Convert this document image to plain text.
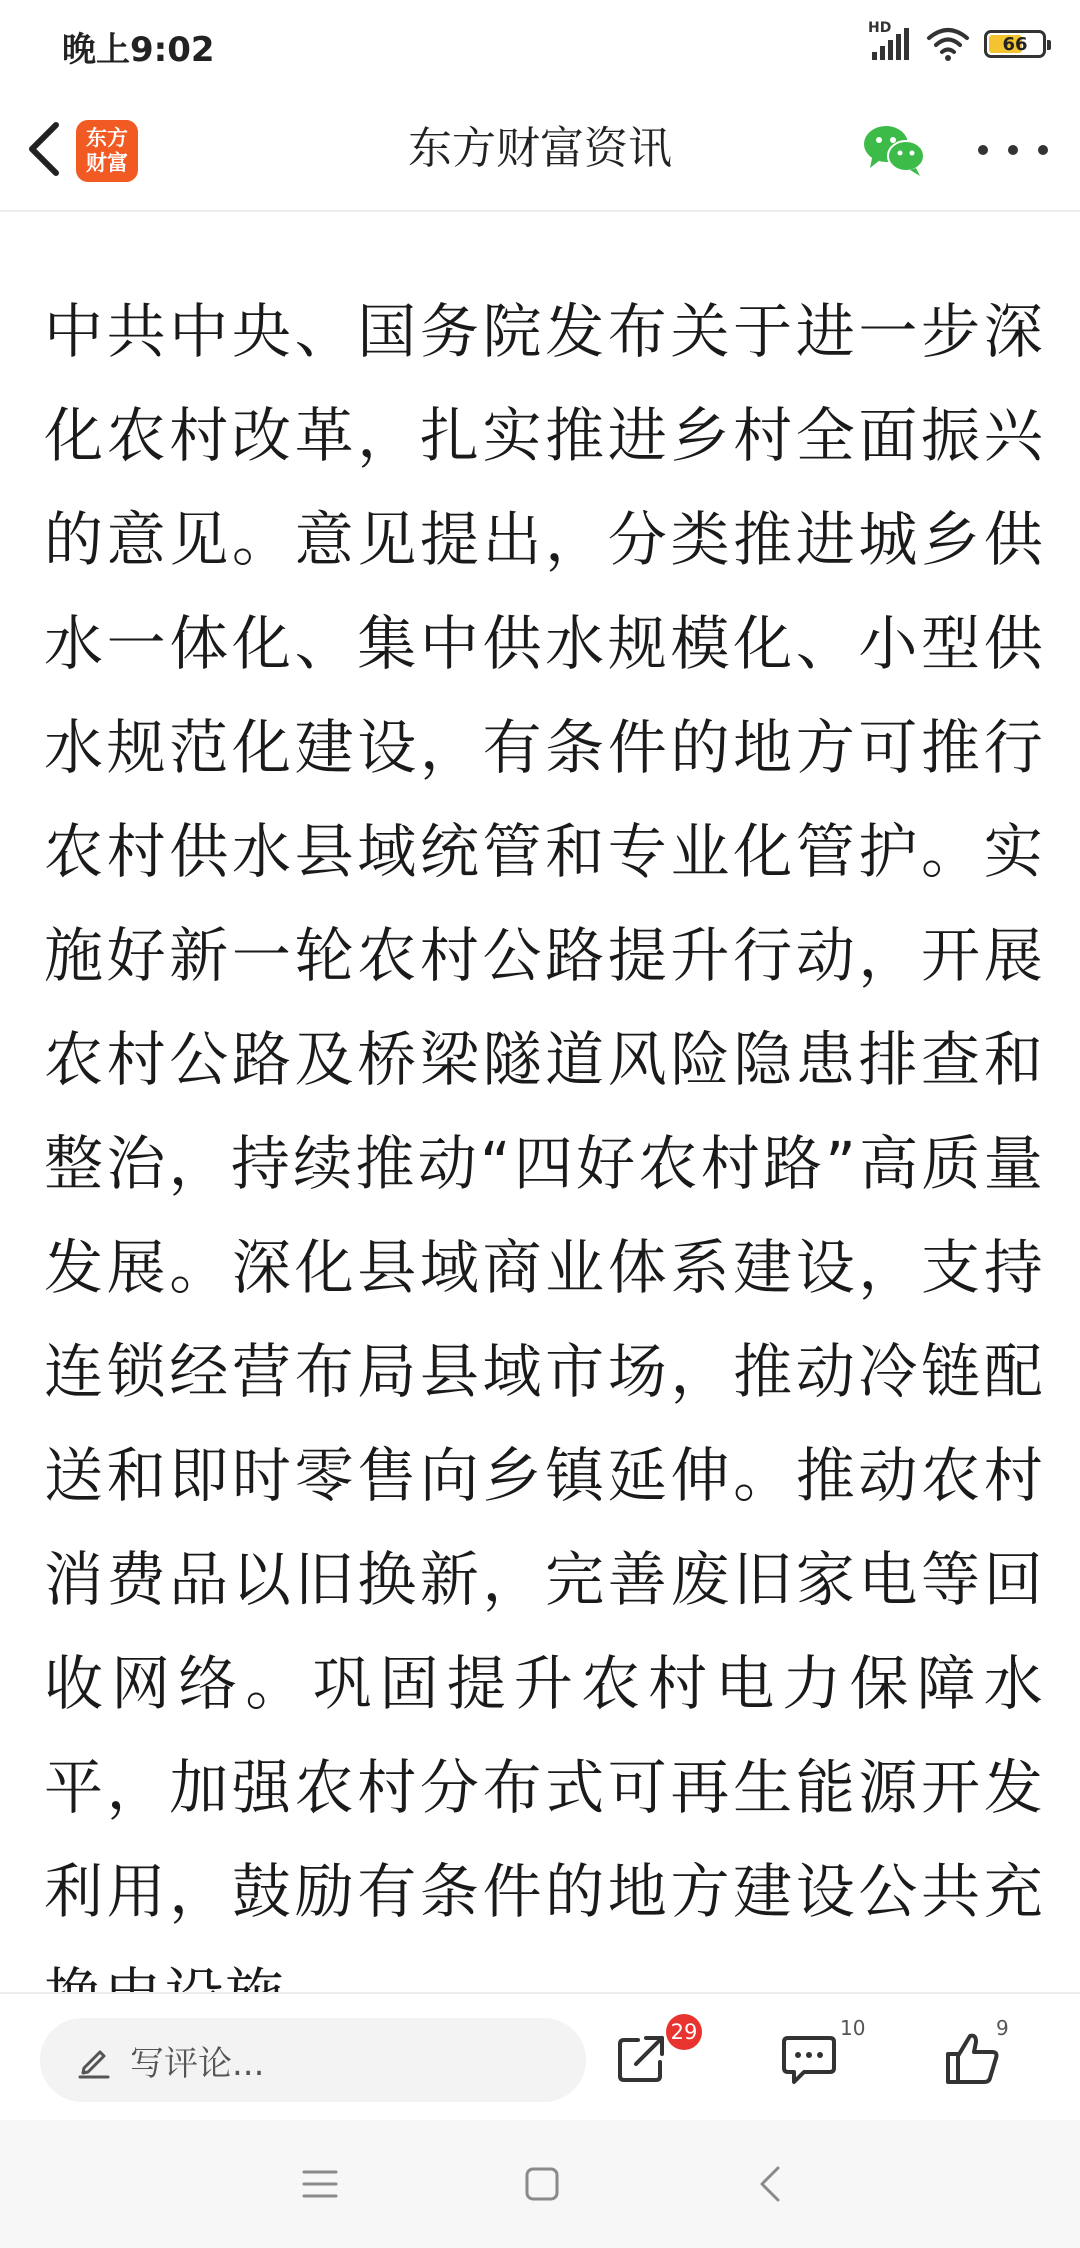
晚上9:02
HD
66
东方
财富	东方财富资讯

中共中央、国务院发布关于进一步深化农村改革，扎实推进乡村全面振兴的意见。意见提出，分类推进城乡供水一体化、集中供水规模化、小型供水规范化建设，有条件的地方可推行农村供水县域统管和专业化管护。实施好新一轮农村公路提升行动，开展农村公路及桥梁隧道风险隐患排查和整治，持续推动“四好农村路”高质量发展。深化县域商业体系建设，支持连锁经营布局县域市场，推动冷链配送和即时零售向乡镇延伸。推动农村消费品以旧换新，完善废旧家电等回收网络。巩固提升农村电力保障水平，加强农村分布式可再生能源开发利用，鼓励有条件的地方建设公共充

写评论...
29	10	9
